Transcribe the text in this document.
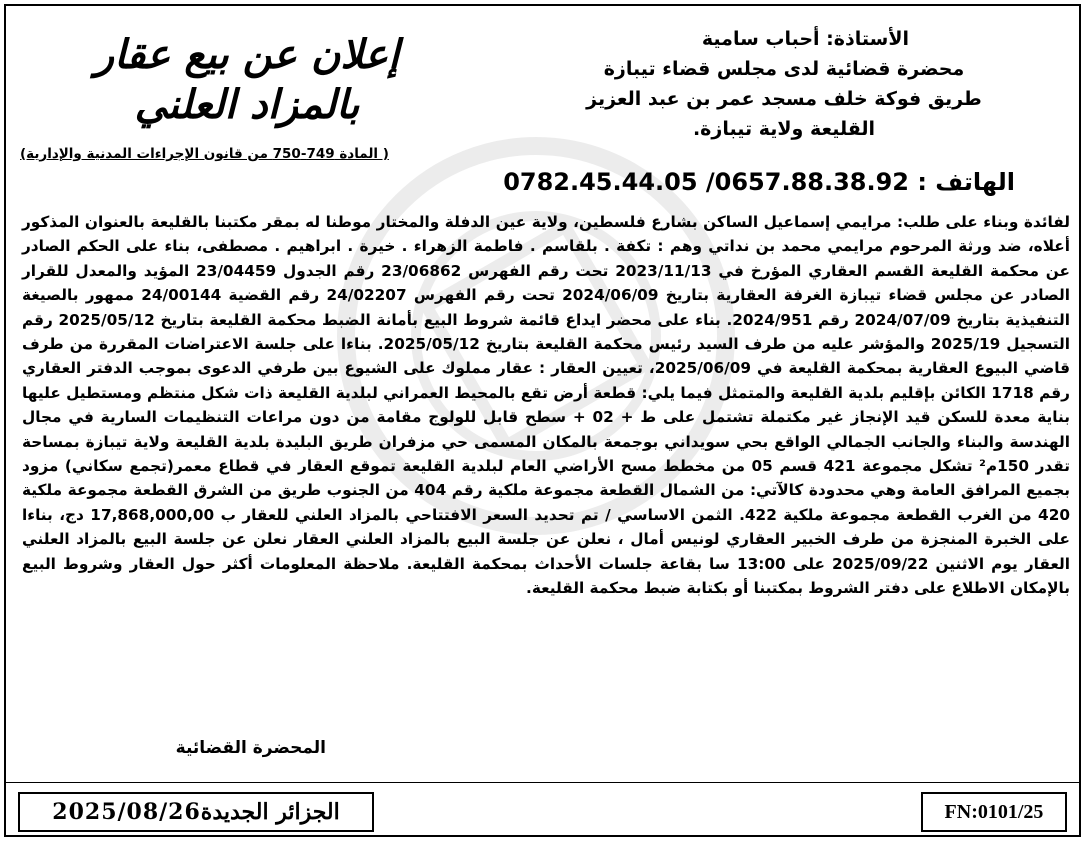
الأستاذة: أحباب سامية
محضرة قضائية لدى مجلس قضاء تيبازة
طريق فوكة خلف مسجد عمر بن عبد العزيز
القليعة ولاية تيبازة.
الهاتف : 0782.45.44.05 /0657.88.38.92
إعلان عن بيع عقار
بالمزاد العلني
( المادة 749-750 من قانون الإجراءات المدنية والإدارية)
لفائدة وبناء على طلب: مرايمي إسماعيل الساكن بشارع فلسطين، ولاية عين الدفلة والمختار موطنا له بمقر مكتبنا بالقليعة بالعنوان المذكور أعلاه، ضد ورثة المرحوم مرايمي محمد بن نداتي وهم : تكفة . بلقاسم . فاطمة الزهراء . خيرة . ابراهيم . مصطفى، بناء على الحكم الصادر عن محكمة القليعة القسم العقاري المؤرخ في 2023/11/13 تحت رقم الفهرس 23/06862 رقم الجدول 23/04459 المؤيد والمعدل للقرار الصادر عن مجلس قضاء تيبازة الغرفة العقارية بتاريخ 2024/06/09 تحت رقم الفهرس 24/02207 رقم القضية 24/00144 ممهور بالصيغة التنفيذية بتاريخ 2024/07/09 رقم 2024/951. بناء على محضر ايداع قائمة شروط البيع بأمانة الضبط محكمة القليعة بتاريخ 2025/05/12 رقم التسجيل 2025/19 والمؤشر عليه من طرف السيد رئيس محكمة القليعة بتاريخ 2025/05/12. بناءا على جلسة الاعتراضات المقررة من طرف قاضي البيوع العقارية بمحكمة القليعة في 2025/06/09، تعيين العقار : عقار مملوك على الشيوع بين طرفي الدعوى بموجب الدفتر العقاري رقم 1718 الكائن بإقليم بلدية القليعة والمتمثل فيما يلي: قطعة أرض تقع بالمحيط العمراني لبلدية القليعة ذات شكل منتظم ومستطيل عليها بناية معدة للسكن قيد الإنجاز غير مكتملة تشتمل على ط + 02 + سطح قابل للولوج مقامة من دون مراعات التنظيمات السارية في مجال الهندسة والبناء والجانب الجمالي الواقع بحي سويداني بوجمعة بالمكان المسمى حي مزفران طريق البليدة بلدية القليعة ولاية تيبازة بمساحة تقدر 150م² تشكل مجموعة 421 قسم 05 من مخطط مسح الأراضي العام لبلدية القليعة تموقع العقار في قطاع معمر(تجمع سكاني) مزود بجميع المرافق العامة وهي محدودة كالآتي: من الشمال القطعة مجموعة ملكية رقم 404 من الجنوب طريق من الشرق القطعة مجموعة ملكية 420 من الغرب القطعة مجموعة ملكية 422. الثمن الاساسي / تم تحديد السعر الافتتاحي بالمزاد العلني للعقار ب 17,868,000,00 دج، بناءا على الخبرة المنجزة من طرف الخبير العقاري لونيس أمال ، نعلن عن جلسة البيع بالمزاد العلني العقار نعلن عن جلسة البيع بالمزاد العلني العقار يوم الاثنين 2025/09/22 على 13:00 سا بقاعة جلسات الأحداث بمحكمة القليعة. ملاحظة المعلومات أكثر حول العقار وشروط البيع بالإمكان الاطلاع على دفتر الشروط بمكتبنا أو بكتابة ضبط محكمة القليعة.
المحضرة القضائية
الجزائر الجديدة
2025/08/26	FN:0101/25
